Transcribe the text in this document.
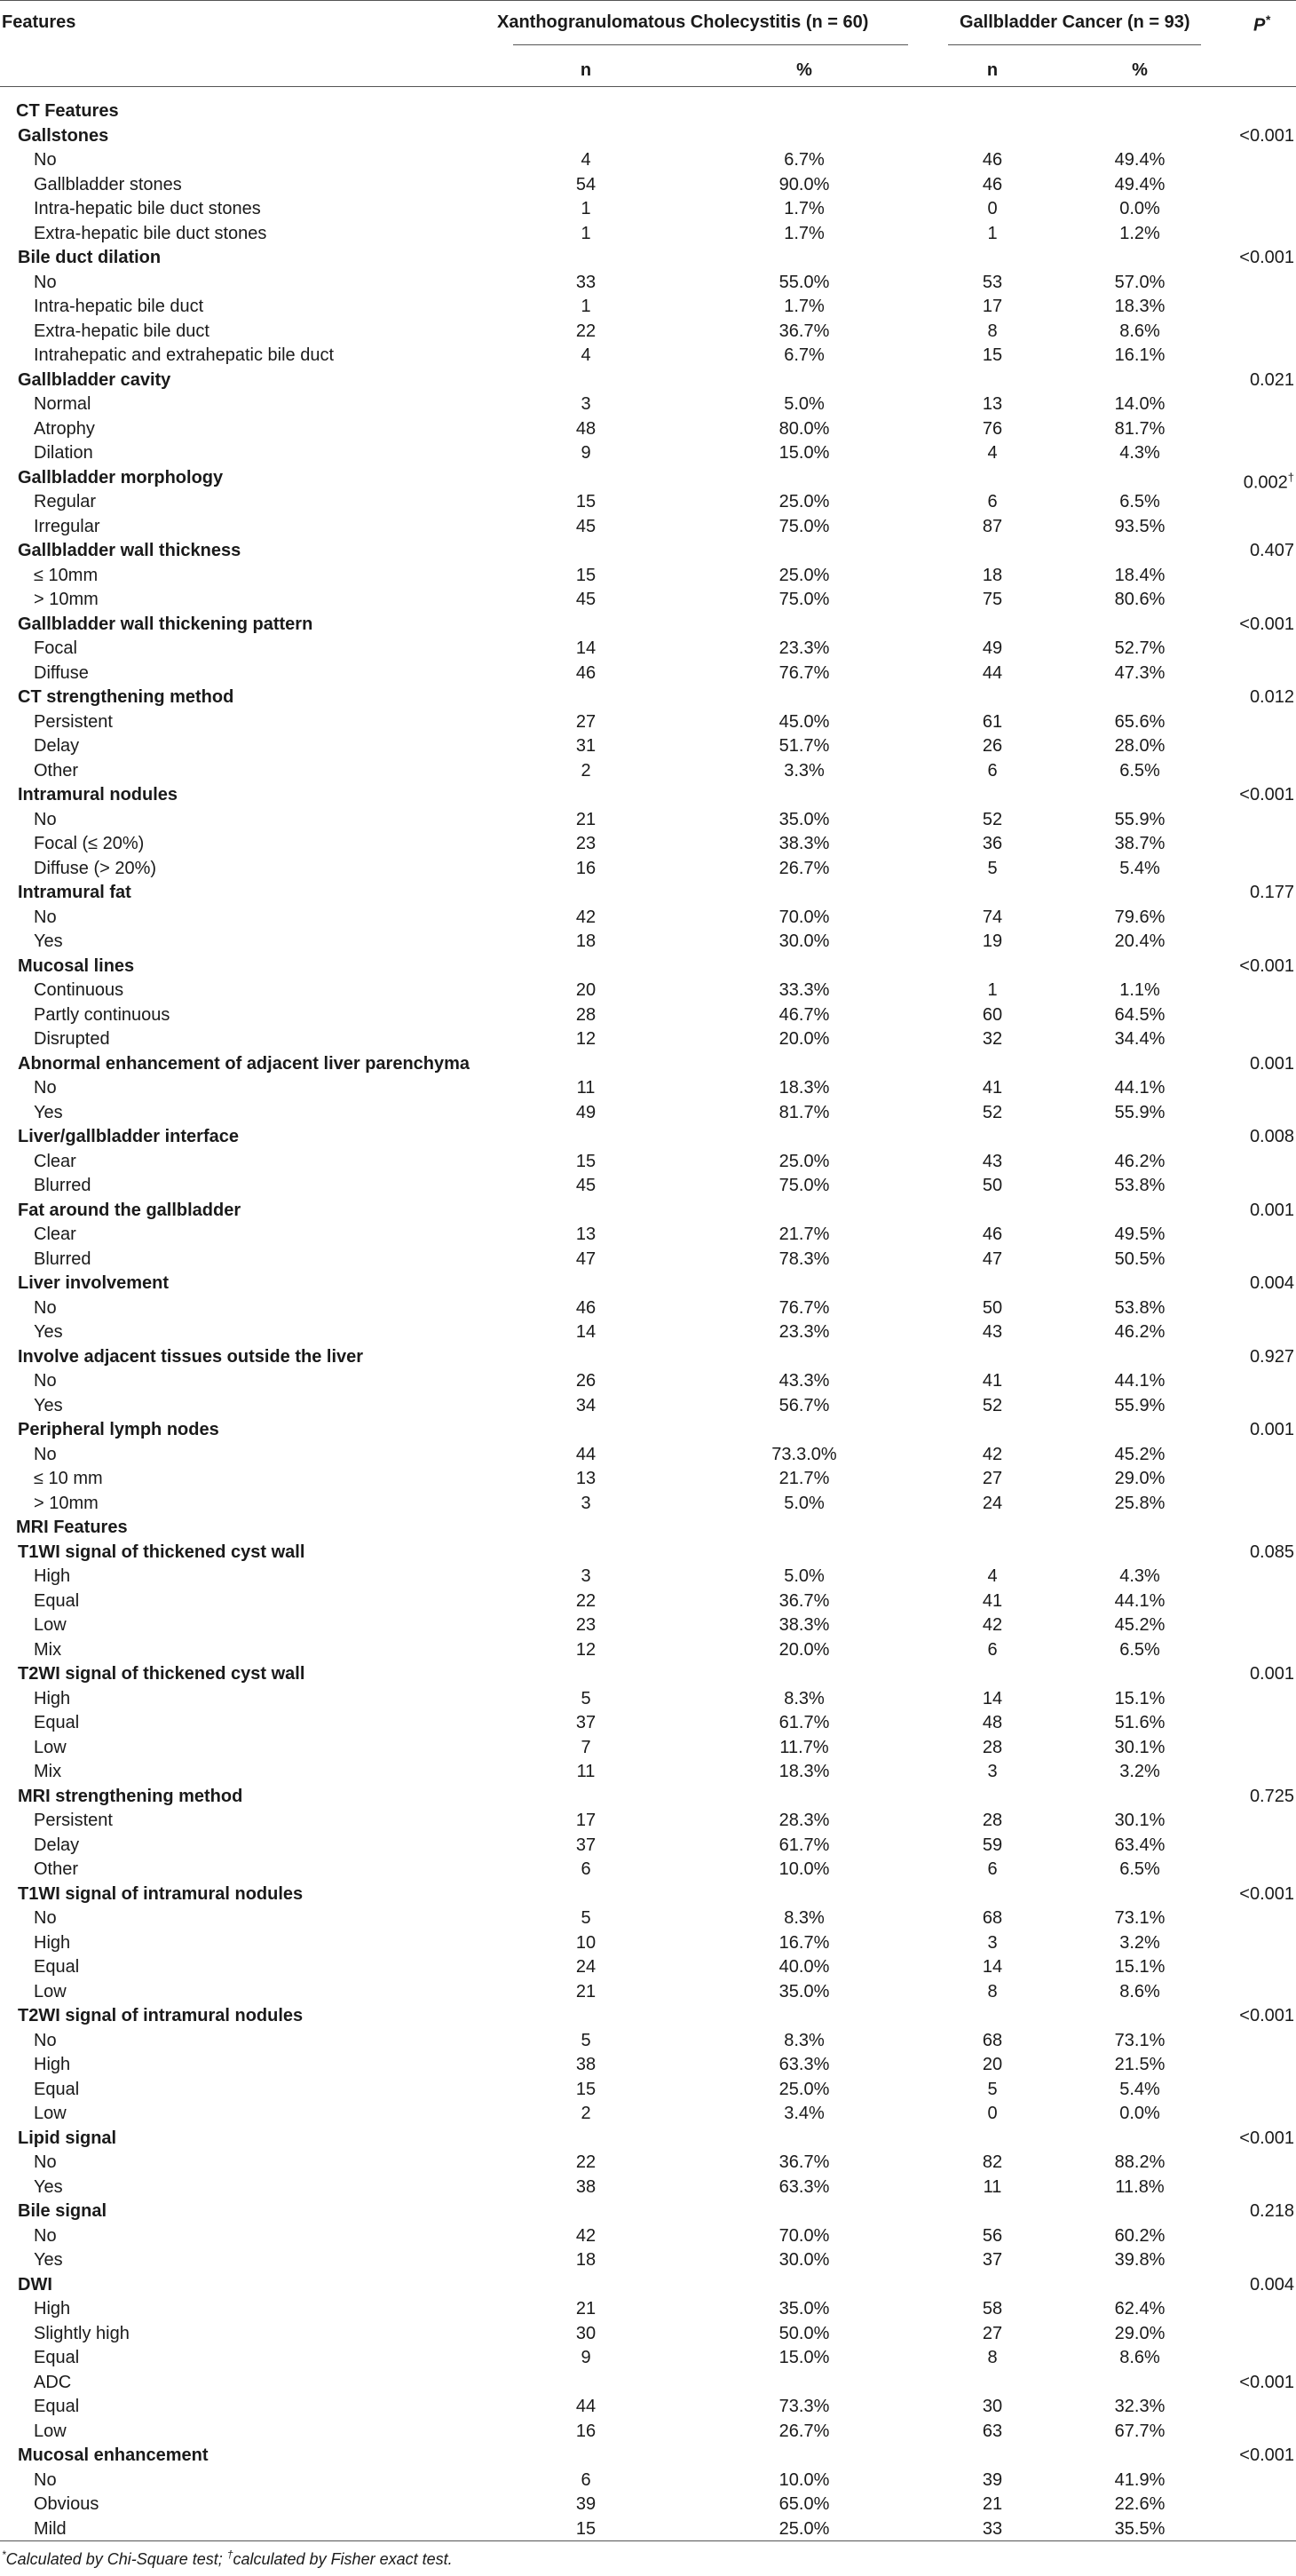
Features	Xanthogranulomatous Cholecystitis (n = 60)	Gallbladder Cancer (n = 93)	P*
n	%	n	%
CT Features
Gallstones	<0.001
No	4	6.7%	46	49.4%
Gallbladder stones	54	90.0%	46	49.4%
Intra-hepatic bile duct stones	1	1.7%	0	0.0%
Extra-hepatic bile duct stones	1	1.7%	1	1.2%
Bile duct dilation	<0.001
No	33	55.0%	53	57.0%
Intra-hepatic bile duct	1	1.7%	17	18.3%
Extra-hepatic bile duct	22	36.7%	8	8.6%
Intrahepatic and extrahepatic bile duct	4	6.7%	15	16.1%
Gallbladder cavity	0.021
Normal	3	5.0%	13	14.0%
Atrophy	48	80.0%	76	81.7%
Dilation	9	15.0%	4	4.3%
Gallbladder morphology	0.002†
Regular	15	25.0%	6	6.5%
Irregular	45	75.0%	87	93.5%
Gallbladder wall thickness	0.407
≤ 10mm	15	25.0%	18	18.4%
> 10mm	45	75.0%	75	80.6%
Gallbladder wall thickening pattern	<0.001
Focal	14	23.3%	49	52.7%
Diffuse	46	76.7%	44	47.3%
CT strengthening method	0.012
Persistent	27	45.0%	61	65.6%
Delay	31	51.7%	26	28.0%
Other	2	3.3%	6	6.5%
Intramural nodules	<0.001
No	21	35.0%	52	55.9%
Focal (≤ 20%)	23	38.3%	36	38.7%
Diffuse (> 20%)	16	26.7%	5	5.4%
Intramural fat	0.177
No	42	70.0%	74	79.6%
Yes	18	30.0%	19	20.4%
Mucosal lines	<0.001
Continuous	20	33.3%	1	1.1%
Partly continuous	28	46.7%	60	64.5%
Disrupted	12	20.0%	32	34.4%
Abnormal enhancement of adjacent liver parenchyma	0.001
No	11	18.3%	41	44.1%
Yes	49	81.7%	52	55.9%
Liver/gallbladder interface	0.008
Clear	15	25.0%	43	46.2%
Blurred	45	75.0%	50	53.8%
Fat around the gallbladder	0.001
Clear	13	21.7%	46	49.5%
Blurred	47	78.3%	47	50.5%
Liver involvement	0.004
No	46	76.7%	50	53.8%
Yes	14	23.3%	43	46.2%
Involve adjacent tissues outside the liver	0.927
No	26	43.3%	41	44.1%
Yes	34	56.7%	52	55.9%
Peripheral lymph nodes	0.001
No	44	73.3.0%	42	45.2%
≤ 10 mm	13	21.7%	27	29.0%
> 10mm	3	5.0%	24	25.8%
MRI Features
T1WI signal of thickened cyst wall	0.085
High	3	5.0%	4	4.3%
Equal	22	36.7%	41	44.1%
Low	23	38.3%	42	45.2%
Mix	12	20.0%	6	6.5%
T2WI signal of thickened cyst wall	0.001
High	5	8.3%	14	15.1%
Equal	37	61.7%	48	51.6%
Low	7	11.7%	28	30.1%
Mix	11	18.3%	3	3.2%
MRI strengthening method	0.725
Persistent	17	28.3%	28	30.1%
Delay	37	61.7%	59	63.4%
Other	6	10.0%	6	6.5%
T1WI signal of intramural nodules	<0.001
No	5	8.3%	68	73.1%
High	10	16.7%	3	3.2%
Equal	24	40.0%	14	15.1%
Low	21	35.0%	8	8.6%
T2WI signal of intramural nodules	<0.001
No	5	8.3%	68	73.1%
High	38	63.3%	20	21.5%
Equal	15	25.0%	5	5.4%
Low	2	3.4%	0	0.0%
Lipid signal	<0.001
No	22	36.7%	82	88.2%
Yes	38	63.3%	11	11.8%
Bile signal	0.218
No	42	70.0%	56	60.2%
Yes	18	30.0%	37	39.8%
DWI	0.004
High	21	35.0%	58	62.4%
Slightly high	30	50.0%	27	29.0%
Equal	9	15.0%	8	8.6%
ADC	<0.001
Equal	44	73.3%	30	32.3%
Low	16	26.7%	63	67.7%
Mucosal enhancement	<0.001
No	6	10.0%	39	41.9%
Obvious	39	65.0%	21	22.6%
Mild	15	25.0%	33	35.5%
*Calculated by Chi-Square test; †calculated by Fisher exact test.
